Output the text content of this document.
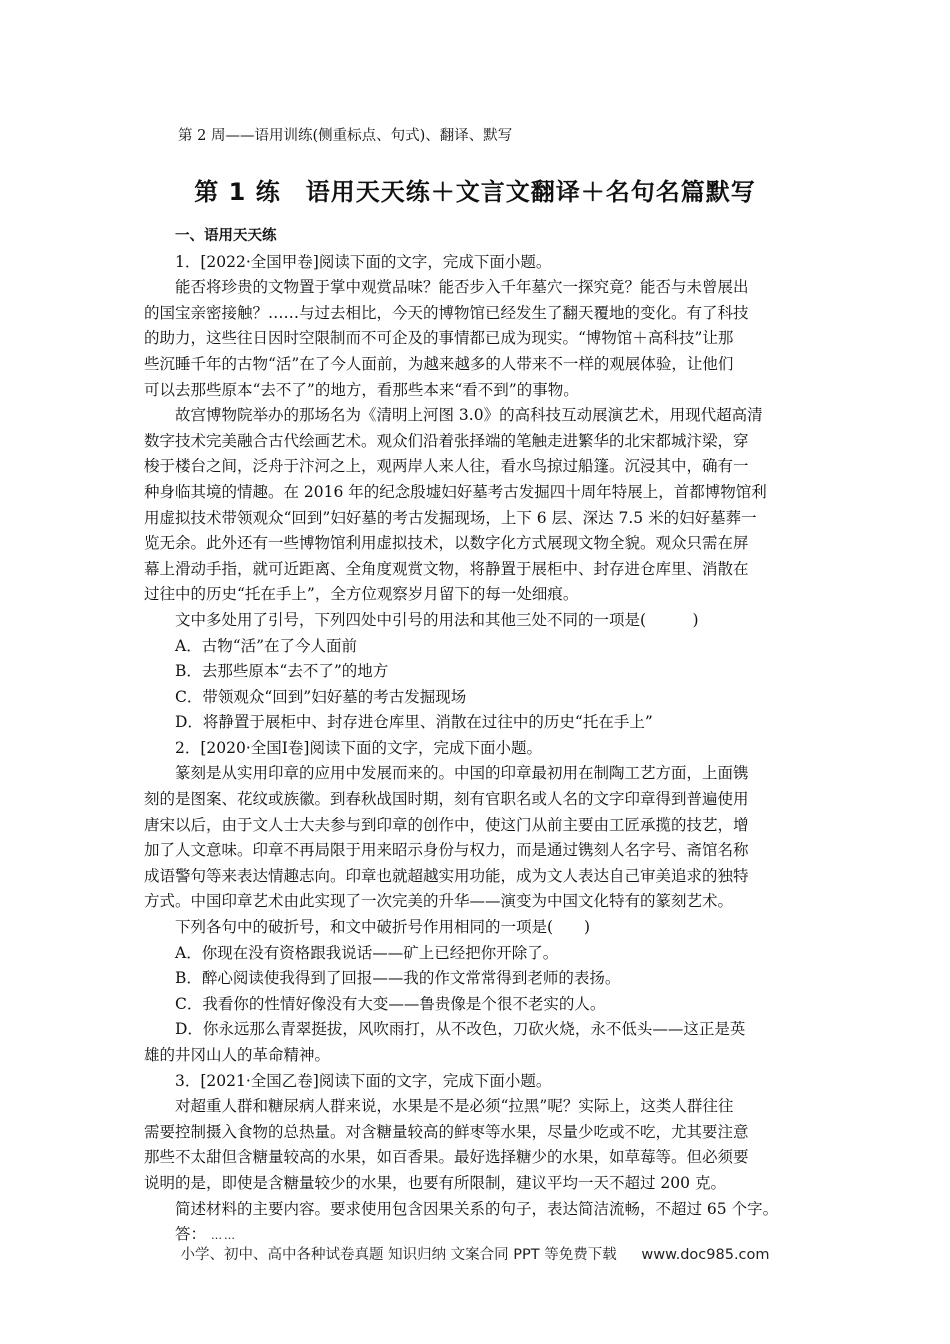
第 2 周——语用训练(侧重标点、句式)、翻译、默写
第 1 练　语用天天练＋文言文翻译＋名句名篇默写
一、语用天天练
1．[2022·全国甲卷]阅读下面的文字，完成下面小题。
能否将珍贵的文物置于掌中观赏品味？能否步入千年墓穴一探究竟？能否与未曾展出
的国宝亲密接触？……与过去相比，今天的博物馆已经发生了翻天覆地的变化。有了科技
的助力，这些往日因时空限制而不可企及的事情都已成为现实。“博物馆＋高科技”让那
些沉睡千年的古物“活”在了今人面前，为越来越多的人带来不一样的观展体验，让他们
可以去那些原本“去不了”的地方，看那些本来“看不到”的事物。
故宫博物院举办的那场名为《清明上河图 3.0》的高科技互动展演艺术，用现代超高清
数字技术完美融合古代绘画艺术。观众们沿着张择端的笔触走进繁华的北宋都城汴梁，穿
梭于楼台之间，泛舟于汴河之上，观两岸人来人往，看水鸟掠过船篷。沉浸其中，确有一
种身临其境的情趣。在 2016 年的纪念殷墟妇好墓考古发掘四十周年特展上，首都博物馆利
用虚拟技术带领观众“回到”妇好墓的考古发掘现场，上下 6 层、深达 7.5 米的妇好墓葬一
览无余。此外还有一些博物馆利用虚拟技术，以数字化方式展现文物全貌。观众只需在屏
幕上滑动手指，就可近距离、全角度观赏文物，将静置于展柜中、封存进仓库里、消散在
过往中的历史“托在手上”，全方位观察岁月留下的每一处细痕。
文中多处用了引号，下列四处中引号的用法和其他三处不同的一项是(　　　)
A．古物“活”在了今人面前
B．去那些原本“去不了”的地方
C．带领观众“回到”妇好墓的考古发掘现场
D．将静置于展柜中、封存进仓库里、消散在过往中的历史“托在手上”
2．[2020·全国Ⅰ卷]阅读下面的文字，完成下面小题。
篆刻是从实用印章的应用中发展而来的。中国的印章最初用在制陶工艺方面，上面镌
刻的是图案、花纹或族徽。到春秋战国时期，刻有官职名或人名的文字印章得到普遍使用
唐宋以后，由于文人士大夫参与到印章的创作中，使这门从前主要由工匠承揽的技艺，增
加了人文意味。印章不再局限于用来昭示身份与权力，而是通过镌刻人名字号、斋馆名称
成语警句等来表达情趣志向。印章也就超越实用功能，成为文人表达自己审美追求的独特
方式。中国印章艺术由此实现了一次完美的升华——演变为中国文化特有的篆刻艺术。
下列各句中的破折号，和文中破折号作用相同的一项是(　　)
A．你现在没有资格跟我说话——矿上已经把你开除了。
B．醉心阅读使我得到了回报——我的作文常常得到老师的表扬。
C．我看你的性情好像没有大变——鲁贵像是个很不老实的人。
D．你永远那么青翠挺拔，风吹雨打，从不改色，刀砍火烧，永不低头——这正是英
雄的井冈山人的革命精神。
3．[2021·全国乙卷]阅读下面的文字，完成下面小题。
对超重人群和糖尿病人群来说，水果是不是必须“拉黑”呢？实际上，这类人群往往
需要控制摄入食物的总热量。对含糖量较高的鲜枣等水果，尽量少吃或不吃，尤其要注意
那些不太甜但含糖量较高的水果，如百香果。最好选择糖少的水果，如草莓等。但必须要
说明的是，即使是含糖量较少的水果，也要有所限制，建议平均一天不超过 200 克。
简述材料的主要内容。要求使用包含因果关系的句子，表达简洁流畅，不超过 65 个字。
答： ……
小学、初中、高中各种试卷真题 知识归纳 文案合同 PPT 等免费下载 www.doc985.com
